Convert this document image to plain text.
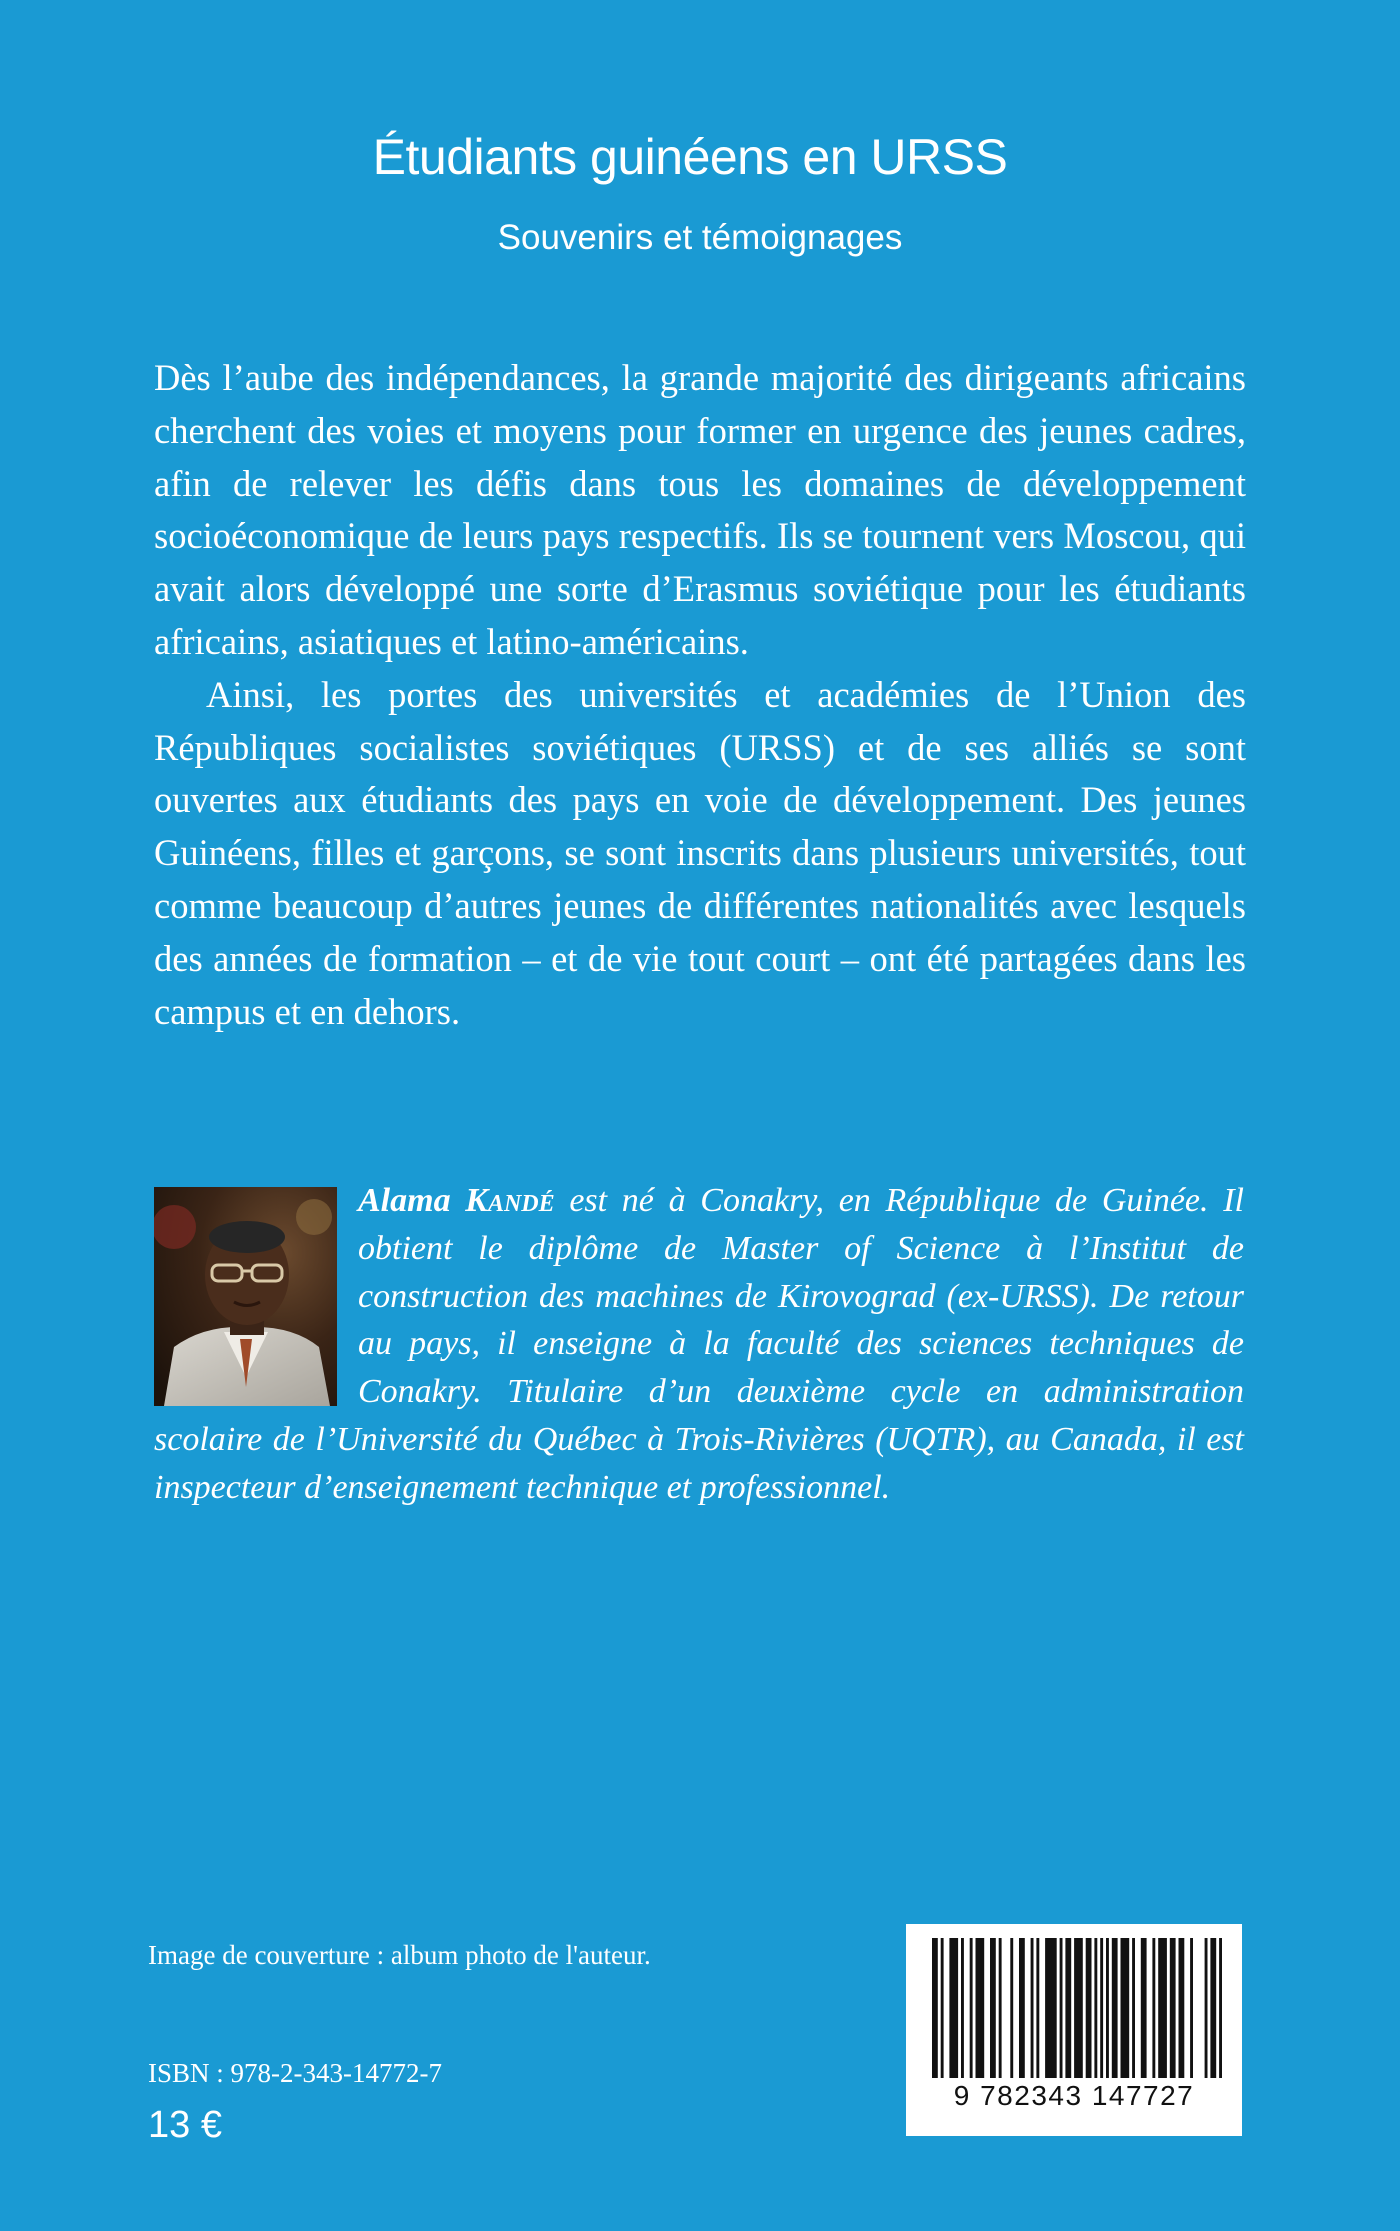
Étudiants guinéens en URSS
Souvenirs et témoignages

Dès l’aube des indépendances, la grande majorité des dirigeants africains cherchent des voies et moyens pour former en urgence des jeunes cadres, afin de relever les défis dans tous les domaines de développement socioéconomique de leurs pays respectifs. Ils se tournent vers Moscou, qui avait alors développé une sorte d’Erasmus soviétique pour les étudiants africains, asiatiques et latino-américains.

Ainsi, les portes des universités et académies de l’Union des Républiques socialistes soviétiques (URSS) et de ses alliés se sont ouvertes aux étudiants des pays en voie de développement. Des jeunes Guinéens, filles et garçons, se sont inscrits dans plusieurs universités, tout comme beaucoup d’autres jeunes de différentes nationalités avec lesquels des années de formation – et de vie tout court – ont été partagées dans les campus et en dehors.

Alama Kandé est né à Conakry, en République de Guinée. Il obtient le diplôme de Master of Science à l’Institut de construction des machines de Kirovograd (ex-URSS). De retour au pays, il enseigne à la faculté des sciences techniques de Conakry. Titulaire d’un deuxième cycle en administration scolaire de l’Université du Québec à Trois-Rivières (UQTR), au Canada, il est inspecteur d’enseignement technique et professionnel.

Image de couverture : album photo de l'auteur.
ISBN : 978-2-343-14772-7
13 €
9 782343 147727
